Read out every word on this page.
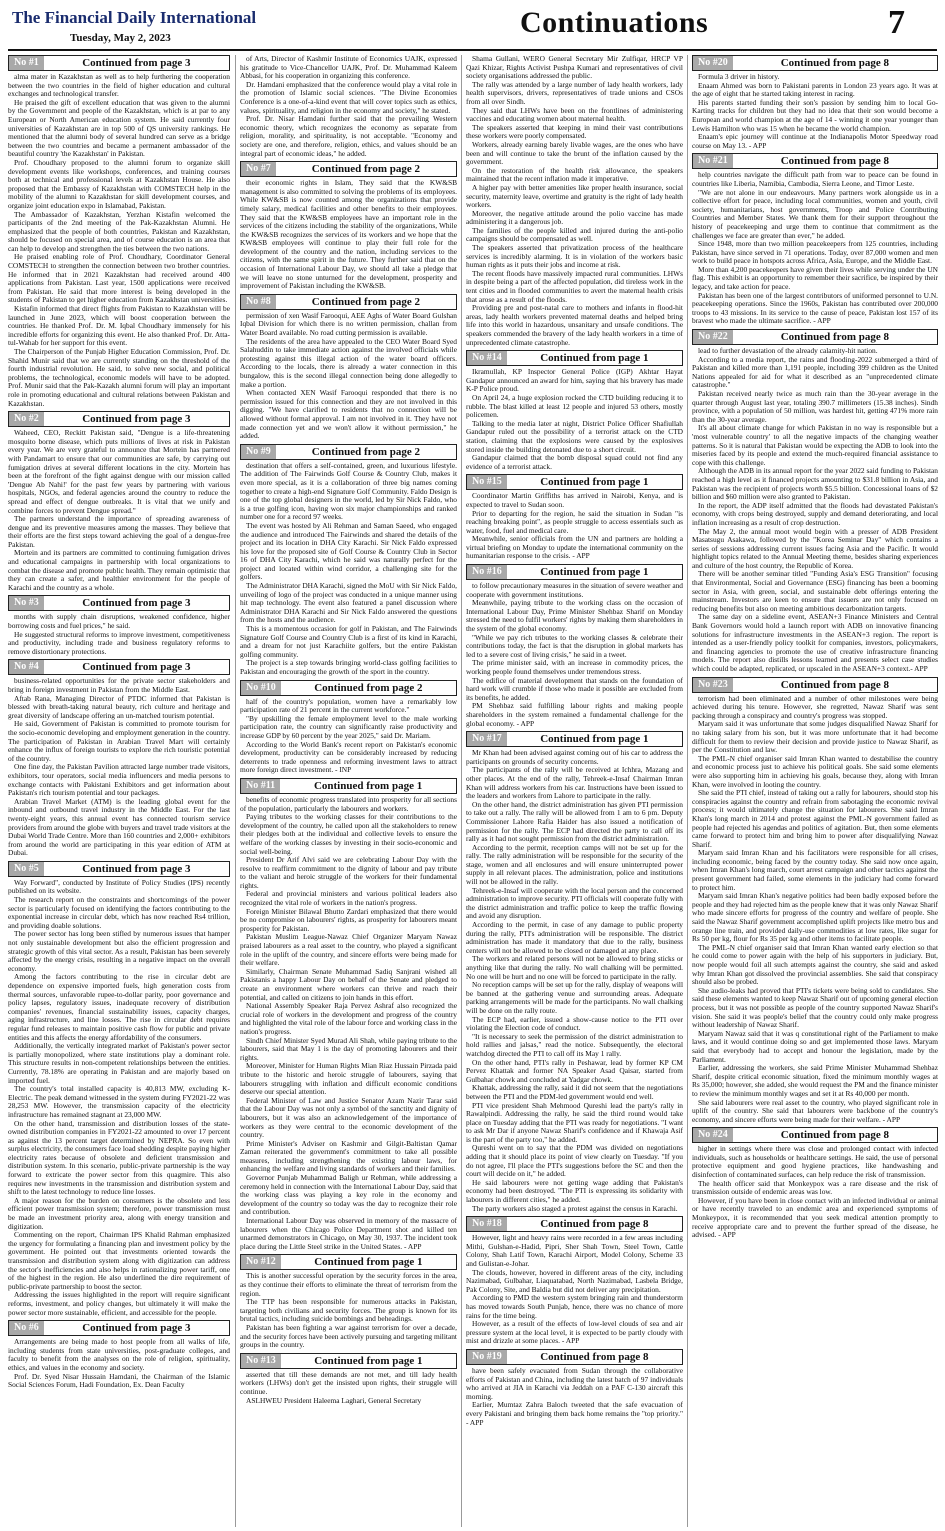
The Financial Daily International
Tuesday, May 2, 2023	Continuations	7
No #1	Continued from page 3

alma mater in Kazakhstan as well as to help furthering the cooperation between the two countries in the field of higher education and cultural exchanges and technological transfer.

He praised the gift of excellent education that was given to the alumni by the Government and people of the Kazakhstan, which is at par to any European or North American education system. He said currently four universities of Kazakhstan are in top 500 of QS university rankings. He mentioned that the alumni body of several hundred can serve as a bridge between the two countries and became a permanent ambassador of the beautiful country 'the Kazakhstan' in Pakistan.

Prof. Choudhary proposed to the alumni forum to organize skill development events like workshops, conferences, and training courses both at technical and professional levels at Kazakhstan House. He also proposed that the Embassy of Kazakhstan with COMSTECH help in the mobility of the alumni to Kazakhstan for skill development courses, and organize joint education expo in Islamabad, Pakistan.

The Ambassador of Kazakhstan, Yerzhan Kistafin welcomed the participants of the 2nd meeting of the Pak-Kazakhstan Alumni. He emphasized that the people of both countries, Pakistan and Kazakhstan, should be focused on special area, and of course education is an area that can help to develop and strengthen the ties between the two nations.

He praised enabling role of Prof. Choudhary, Coordinator General COMSTECH to strengthen the connection between two brother countries. He informed that in 2021 Kazakhstan had received around 400 applications from Pakistan. Last year, 1500 applications were received from Pakistan. He said that more interest is being developed in the students of Pakistan to get higher education from Kazakhstan universities.

Kistafin informed that direct flights from Pakistan to Kazakhstan will be launched in June 2023, which will boost cooperation between the countries. He thanked Prof. Dr. M. Iqbal Choudhary immensely for his incredible efforts for organizing this event. He also thanked Prof. Dr. Atta-tul-Wahab for her support for this event.

The Chairperson of the Punjab Higher Education Commission, Prof. Dr. Shahid Munir said that we are currently standing on the threshold of the fourth industrial revolution. He said, to solve new social, and political problems, the technological, economic models will have to be adopted. Prof. Munir said that the Pak-Kazakh alumni forum will play an important role in promoting educational and cultural relations between Pakistan and Kazakhstan.

No #2	Continued from page 3

Waheed, CEO, Reckitt Pakistan said, "Dengue is a life-threatening mosquito borne disease, which puts millions of lives at risk in Pakistan every year. We are very grateful to announce that Mortein has partnered with Pandamart to ensure that our communities are safe, by carrying out fumigation drives at several different locations in the city. Mortein has been at the forefront of the fight against dengue with our mission called 'Dengue Ab Nahi!' for the past few years by partnering with various hospitals, NGOs, and federal agencies around the country to reduce the spread and effect of dengue outbreaks. It is vital that we unify and combine forces to prevent Dengue spread."

The partners understand the importance of spreading awareness of dengue and its preventive measures among the masses. They believe that their efforts are the first steps toward achieving the goal of a dengue-free Pakistan.

Mortein and its partners are committed to continuing fumigation drives and educational campaigns in partnership with local organizations to combat the disease and promote public health. They remain optimistic that they can create a safer, and healthier environment for the people of Karachi and the country as a whole.

No #3	Continued from page 3

months with supply chain disruptions, weakened confidence, higher borrowing costs and fuel prices," he said.

He suggested structural reforms to improve investment, competitiveness and productivity, including trade and business regulatory reforms to remove distortionary protections.

No #4	Continued from page 3

business-related opportunities for the private sector stakeholders and bring in foreign investment in Pakistan from the Middle East.

Aftab Rana, Managing Director of PTDC informed that Pakistan is blessed with breath-taking natural beauty, rich culture and heritage and great diversity of landscape offering an un-matched tourism potential.

He said, Government of Pakistan is committed to promote tourism for the socio-economic developing and employment generation in the country. The participation of Pakistan in Arabian Travel Mart will certainly enhance the influx of foreign tourists to explore the rich touristic potential of the country.

One fine day, the Pakistan Pavilion attracted large number trade visitors, exhibitors, tour operators, social media influencers and media persons to exchange contacts with Pakistani Exhibitors and get information about Pakistan's rich tourism potential and tour packages.

Arabian Travel Market (ATM) is the leading global event for the inbound and outbound travel industry in the Middle East. For the last twenty-eight years, this annual event has connected tourism service providers from around the globe with buyers and travel trade visitors at the Dubai World Trade Centre. More than 160 countries and 2,000+ exhibitors from around the world are participating in this year edition of ATM at Dubai.

No #5	Continued from page 3

Way Forward", conducted by Institute of Policy Studies (IPS) recently published on its website.

The research report on the constraints and shortcomings of the power sector is particularly focused on identifying the factors contributing to the exponential increase in circular debt, which has now reached Rs4 trillion, and providing doable solutions.

The power sector has long been stifled by numerous issues that hamper not only sustainable development but also the efficient progression and strategic growth of this vital sector. As a result, Pakistan has been severely affected by the energy crisis, resulting in a negative impact on the overall economy.

Among the factors contributing to the rise in circular debt are dependence on expensive imported fuels, high generation costs from thermal sources, unfavorable rupee-to-dollar parity, poor governance and policy lapses, regulatory issues, inadequate recovery of distribution companies' revenues, financial sustainability issues, capacity charges, aging infrastructure, and line losses. The rise in circular debt requires regular fund releases to maintain positive cash flow for public and private entities and this affects the energy affordability of the consumers.

Additionally, the vertically integrated market of Pakistan's power sector is partially monopolized, where state institutions play a dominant role. This structure results in non-competent relationships between the entities. Currently, 78.18% are operating in Pakistan and are majorly based on imported fuel.

The country's total installed capacity is 40,813 MW, excluding K-Electric. The peak demand witnessed in the system during FY2021-22 was 28,253 MW. However, the transmission capacity of the electricity infrastructure has remained stagnant at 23,000 MW.

On the other hand, transmission and distribution losses of the state-owned distribution companies in FY2021-22 amounted to over 17 percent as against the 13 percent target determined by NEPRA. So even with surplus electricity, the consumers face load shedding despite paying higher electricity rates because of obsolete and deficient transmission and distribution system. In this scenario, public-private partnership is the way forward to extricate the power sector from this quagmire. This also requires new investments in the transmission and distribution system and shift to the latest technology to reduce line losses.

A major reason for the burden on consumers is the obsolete and less efficient power transmission system; therefore, power transmission must be made an investment priority area, along with energy transition and digitization.

Commenting on the report, Chairman IPS Khalid Rahman emphasized the urgency for formulating a financing plan and investment policy by the government. He pointed out that investments oriented towards the transmission and distribution system along with digitization can address the sector's inefficiencies and also helps in rationalizing power tariff, one of the highest in the region. He also underlined the dire requirement of public-private partnership to boost the sector.

Addressing the issues highlighted in the report will require significant reforms, investment, and policy changes, but ultimately it will make the power sector more sustainable, efficient, and accessible for the people.

No #6	Continued from page 3

Arrangements are being made to host people from all walks of life, including students from state universities, post-graduate colleges, and faculty to benefit from the analyses on the role of religion, spirituality, ethics, and values in the economy and society.

Prof. Dr. Syed Nisar Hussain Hamdani, the Chairman of the Islamic Social Sciences Forum, Hadi Foundation, Ex. Dean Faculty

of Arts, Director of Kashmir Institute of Economics UAJK, expressed his gratitude to Vice-Chancellor UAJK, Prof. Dr. Muhammad Kaleem Abbasi, for his cooperation in organizing this conference.

Dr. Hamdani emphasized that the conference would play a vital role in the promotion of Islamic social sciences. "The Divine Economies Conference is a one-of-a-kind event that will cover topics such as ethics, values, spirituality, and religion in the economy and society," he stated.

Prof. Dr. Nisar Hamdani further said that the prevailing Western economic theory, which recognizes the economy as separate from religion, morality, and spirituality, is not acceptable. "Economy and society are one, and therefore, religion, ethics, and values should be an integral part of economic ideas," he added.

No #7	Continued from page 2

their economic rights in Islam, They said that the KW&SB management is also committed to solving the problems of its employees. While KW&SB is now counted among the organizations that provide timely salary, medical facilities and other benefits to their employees. They said that the KW&SB employees have an important role in the services of the citizens including the stability of the organizations, While the KW&SB recognizes the services of its workers and we hope that the KW&SB employees will continue to play their full role for the development of the country and the nation, including services to the citizens, with the same spirit in the future. They further said that on the occasion of International Labour Day, we should all take a pledge that we will leave no stone unturned for the development, prosperity and improvement of Pakistan including the KW&SB.

No #8	Continued from page 2

permission of xen Wasif Farooqui, AEE Aghs of Water Board Gulshan Iqbal Division for which there is no written permission, challan from Water Board available. No road cutting permission is available.

The residents of the area have appealed to the CEO Water Board Syed Salahuddin to take immediate action against the involved officials while protesting against this illegal action of the water board officers. According to the locals, there is already a water connection in this bungalow, this is the second illegal connection being done allegedly to make a portion.

When contacted XEN Wasif Farooqui responded that there is no permission issued for this connection and they are not involved in this digging. "We have clarified to residents that no connection will be allowed without formal approval. I am not involved in it. They have not made connection yet and we won't allow it without permission," he added.

No #9	Continued from page 2

destination that offers a self-contained, green, and luxurious lifestyle. The addition of The Fairwinds Golf Course & Country Club, makes it even more special, as it is a collaboration of three big names coming together to create a high-end Signature Golf Community. Faldo Design is one of the top global designers in the world, led by Sir Nick Faldo, who is a true golfing icon, having won six major championships and ranked number one for a record 97 weeks.

The event was hosted by Ali Rehman and Saman Saeed, who engaged the audience and introduced The Fairwinds and shared the details of the project and its location in DHA City Karachi. Sir Nick Faldo expressed his love for the proposed site of Golf Course & Country Club in Sector 16 of DHA City Karachi, which he said was naturally perfect for the project and located within wind corridor, a challenging site for the golfers.

The Administrator DHA Karachi, signed the MoU with Sir Nick Faldo, unveiling of logo of the project was conducted in a unique manner using hit map technology. The event also featured a panel discussion where Administrator DHA Karachi and Sir Nick Faldo answered the questions from the hosts and the audience.

This is a momentous occasion for golf in Pakistan, and The Fairwinds Signature Golf Course and Country Club is a first of its kind in Karachi, and a dream for not just Karachiite golfers, but the entire Pakistan golfing community.

The project is a step towards bringing world-class golfing facilities to Pakistan and encouraging the growth of the sport in the country.

No #10	Continued from page 2

half of the country's population, women have a remarkably low participation rate of 21 percent in the current workforce."

"By upskilling the female employment level to the male working participation rate, the country can significantly raise productivity and increase GDP by 60 percent by the year 2025," said Dr. Mariam.

According to the World Bank's recent report on Pakistan's economic development, productivity can be considerably increased by reducing deterrents to trade openness and reforming investment laws to attract more foreign direct investment. - INP

No #11	Continued from page 1

benefits of economic progress translated into prosperity for all sections of the population, particularly the labourers and workers.

Paying tributes to the working classes for their contributions to the development of the country, he called upon all the stakeholders to renew their pledges both at the individual and collective levels to ensure the welfare of the working classes by investing in their socio-economic and social well-being.

President Dr Arif Alvi said we are celebrating Labour Day with the resolve to reaffirm commitment to the dignity of labour and pay tribute to the valiant and heroic struggle of the workers for their fundamental rights.

Federal and provincial ministers and various political leaders also recognized the vital role of workers in the nation's progress.

Foreign Minister Bilawal Bhutto Zardari emphasized that there would be no compromise on labourers' rights, as prosperity for labourers meant prosperity for Pakistan.

Pakistan Muslim League-Nawaz Chief Organizer Maryam Nawaz praised labourers as a real asset to the country, who played a significant role in the uplift of the country, and sincere efforts were being made for their welfare.

Similarly, Chairman Senate Muhammad Sadiq Sanjrani wished all Pakistanis a happy Labour Day on behalf of the Senate and pledged to create an environment where workers can thrive and reach their potential, and called on citizens to join hands in this effort.

National Assembly Speaker Raja Pervez Ashraf also recognized the crucial role of workers in the development and progress of the country and highlighted the vital role of the labour force and working class in the nation's progress.

Sindh Chief Minister Syed Murad Ali Shah, while paying tribute to the labourers, said that May 1 is the day of promoting labourers and their rights.

Moreover, Minister for Human Rights Mian Riaz Hussain Pirzada paid tribute to the historic and heroic struggle of labourers, saying that labourers struggling with inflation and difficult economic conditions deserve our special attention.

Federal Minister of Law and Justice Senator Azam Nazir Tarar said that the Labour Day was not only a symbol of the sanctity and dignity of labourers, but it was also an acknowledgement of the importance of workers as they were central to the economic development of the country.

Prime Minister's Adviser on Kashmir and Gilgit-Baltistan Qamar Zaman reiterated the government's commitment to take all possible measures, including strengthening the existing labour laws, for enhancing the welfare and living standards of workers and their families.

Governor Punjab Muhammad Baligh ur Rehman, while addressing a ceremony held in connection with the International Labour Day, said that the working class was playing a key role in the economy and development of the country so today was the day to recognize their role and contribution.

International Labour Day was observed in memory of the massacre of labourers when the Chicago Police Department shot and killed ten unarmed demonstrators in Chicago, on May 30, 1937. The incident took place during the Little Steel strike in the United States. - APP

No #12	Continued from page 1

This is another successful operation by the security forces in the area, as they continue their efforts to eliminate the threat of terrorism from the region.

The TTP has been responsible for numerous attacks in Pakistan, targeting both civilians and security forces. The group is known for its brutal tactics, including suicide bombings and beheadings.

Pakistan has been fighting a war against terrorism for over a decade, and the security forces have been actively pursuing and targeting militant groups in the country.

No #13	Continued from page 1

asserted that till these demands are not met, and till lady health workers (LHWs) don't get the insisted upon rights, their struggle will continue.

ASLHWEU President Haleema Laghari, General Secretary

Shama Gullani, WERO General Secretary Mir Zulfiqar, HRCP VP Qazi Khizar, Rights Activist Pushpa Kumari and representatives of civil society organisations addressed the public.

The rally was attended by a large number of lady health workers, lady health supervisors, drivers, representatives of trade unions and CSOs from all over Sindh.

They said that LHWs have been on the frontlines of administering vaccines and educating women about maternal health.

The speakers asserted that keeping in mind their vast contributions these workers were poorly compensated.

Workers, already earning barely livable wages, are the ones who have been and will continue to take the brunt of the inflation caused by the government.

On the restoration of the health risk allowance, the speakers maintained that the recent inflation made it imperative.

A higher pay with better amenities like proper health insurance, social security, maternity leave, overtime and gratuity is the right of lady health workers.

Moreover, the negative attitude around the polio vaccine has made administering it a dangerous job.

The families of the people killed and injured during the anti-polio campaigns should be compensated as well.

The speakers asserted that privatization process of the healthcare services is incredibly alarming. It is in violation of the workers basic human rights as it puts their jobs and income at risk.

The recent floods have massively impacted rural communities. LHWs in despite being a part of the affected population, did tireless work in the tent cities and in flooded communities to avert the maternal health crisis that arose as a result of the floods.

Providing pre and post-natal care to mothers and infants in flood-hit areas, lady health workers prevented maternal deaths and helped bring life into this world in hazardous, unsanitary and unsafe conditions. The speakers commended the bravery of the lady health workers in a time of unprecedented climate catastrophe.

No #14	Continued from page 1

Ikramullah, KP Inspector General Police (IGP) Akhtar Hayat Gandapur announced an award for him, saying that his bravery has made K-P Police proud.

On April 24, a huge explosion rocked the CTD building reducing it to rubble. The blast killed at least 12 people and injured 53 others, mostly policemen.

Talking to the media later at night, District Police Officer Shafiullah Gandapur ruled out the possibility of a terrorist attack on the CTD station, claiming that the explosions were caused by the explosives stored inside the building detonated due to a short circuit.

Gandapur claimed that the bomb disposal squad could not find any evidence of a terrorist attack.

No #15	Continued from page 1

Coordinator Martin Griffiths has arrived in Nairobi, Kenya, and is expected to travel to Sudan soon.

Prior to departing for the region, he said the situation in Sudan "is reaching breaking point", as people struggle to access essentials such as water, food, fuel and medical care.

Meanwhile, senior officials from the UN and partners are holding a virtual briefing on Monday to update the international community on the humanitarian response to the crisis. - APP

No #16	Continued from page 1

to follow precautionary measures in the situation of severe weather and cooperate with government institutions.

Meanwhile, paying tribute to the working class on the occasion of International Labour Day, Prime Minister Shehbaz Sharif on Monday stressed the need to fulfil workers' rights by making them shareholders in the system of the global economy.

"While we pay rich tributes to the working classes & celebrate their contributions today, the fact is that the disruption in global markets has led to a severe cost of living crisis," he said in a tweet.

The prime minister said, with an increase in commodity prices, the working people found themselves under tremendous stress.

The edifice of material development that stands on the foundation of hard work will crumble if those who made it possible are excluded from its benefits, he added.

PM Shehbaz said fulfilling labour rights and making people shareholders in the system remained a fundamental challenge for the global economy. - APP

No #17	Continued from page 1

Mr Khan had been advised against coming out of his car to address the participants on grounds of security concerns.

The participants of the rally will be received at Ichhra, Mazang and other places. At the end of the rally, Tehreek-e-Insaf Chairman Imran Khan will address workers from his car. Instructions have been issued to the leaders and workers from Lahore to participate in the rally.

On the other hand, the district administration has given PTI permission to take out a rally. The rally will be allowed from 1 am to 6 pm. Deputy Commissioner Lahore Rafia Haider has also issued a notification of permission for the rally. The ECP had directed the party to call off its rally as it had not sought permission from the district administration.

According to the permit, reception camps will not be set up for the rally. The rally administration will be responsible for the security of the stage, women and all enclosures and will ensure uninterrupted power supply in all relevant places. The administration, police and institutions will not be allowed in the rally.

Tehreek-e-Insaf will cooperate with the local person and the concerned administration to improve security. PTI officials will cooperate fully with the district administration and traffic police to keep the traffic flowing and avoid any disruption.

According to the permit, in case of any damage to public property during the rally, PTI's administration will be responsible. The district administration has made it mandatory that due to the rally, business centers will not be allowed to be closed or damaged at any place.

The workers and related persons will not be allowed to bring sticks or anything like that during the rally. No wall chalking will be permitted. No one will be hurt and no one will be forced to participate in the rally.

No reception camps will be set up for the rally, display of weapons will be banned at the gathering venue and surrounding areas. Adequate parking arrangements will be made for the participants. No wall chalking will be done on the rally route.

The ECP had, earlier, issued a show-cause notice to the PTI over violating the Election code of conduct.

"It is necessary to seek the permission of the district administration to hold rallies and jalsas," read the notice. Subsequently, the electoral watchdog directed the PTI to call off its May 1 rally.

On the other hand, PTI's rally in Peshawar, lead by former KP CM Pervez Khattak and former NA Speaker Asad Qaisar, started from Gulbahar chowk and concluded at Yadgar chowk.

Khattak, addressing the rally, said it did not seem that the negotiations between the PTI and the PDM-led government would end well.

PTI vice president Shah Mehmood Qureshi lead the party's rally in Rawalpindi. Addressing the rally, he said the third round would take place on Tuesday adding that the PTI was ready for negotiations. "I want to ask Mr Dar if anyone Nawaz Sharif's confidence and if Khawaja Asif is the part of the party too," he added.

Qureshi went on to say that the PDM was divided on negotiations adding that it should place its point of view clearly on Tuesday. "If you do not agree, I'll place the PTI's suggestions before the SC and then the court will decide on it," he added.

He said labourers were not getting wage adding that Pakistan's economy had been destroyed. "The PTI is expressing its solidarity with labourers in different cities," he added.

The party workers also staged a protest against the census in Karachi.

No #18	Continued from page 8

However, light and heavy rains were recorded in a few areas including Mithi, Gulshan-e-Hadid, Pipri, Sher Shah Town, Steel Town, Cattle Colony, Shah Latif Town, Karachi Airport, Model Colony, Scheme 33 and Gulistan-e-Johar.

The clouds, however, hovered in different areas of the city, including Nazimabad, Gulbahar, Liaquatabad, North Nazimabad, Lasbela Bridge, Pak Colony, Site, and Baldia but did not deliver any precipitation.

According to PMD the western system bringing rain and thunderstorm has moved towards South Punjab, hence, there was no chance of more rains for the time being.

However, as a result of the effects of low-level clouds of sea and air pressure system at the local level, it is expected to be partly cloudy with mist and drizzle at some places. - APP

No #19	Continued from page 8

have been safely evacuated from Sudan through the collaborative efforts of Pakistan and China, including the latest batch of 97 individuals who arrived at JIA in Karachi via Jeddah on a PAF C-130 aircraft this morning.

Earlier, Mumtaz Zahra Baloch tweeted that the safe evacuation of every Pakistani and bringing them back home remains the "top priority." - APP

No #20	Continued from page 8

Formula 3 driver in history.

Enaam Ahmed was born to Pakistani parents in London 23 years ago. It was at the age of eight that he started taking interest in racing.

His parents started funding their son's passion by sending him to local Go-Karting tracks for children but they had no idea that their son would become a European and world champion at the age of 14 - winning it one year younger than Lewis Hamilton who was 15 when he became the world champion.

Enaam's epic journey will continue at the Indianapolis Motor Speedway road course on May 13. - APP

No #21	Continued from page 8

help countries navigate the difficult path from war to peace can be found in countries like Liberia, Namibia, Cambodia, Sierra Leone, and Timor Leste.

"We are not alone in our endeavours. Many partners work alongside us in a collective effort for peace, including local communities, women and youth, civil society, humanitarians, host governments, Troop and Police Contributing Countries and Member States. We thank them for their support throughout the history of peacekeeping and urge them to continue that commitment as the challenges we face are greater than ever," he added.

Since 1948, more than two million peacekeepers from 125 countries, including Pakistan, have since served in 71 operations. Today, over 87,000 women and men work to build peace in hotspots across Africa, Asia, Europe, and the Middle East.

More than 4,200 peacekeepers have given their lives while serving under the UN flag. This exhibit is an opportunity to remember their sacrifice, be inspired by their legacy, and take action for peace.

Pakistan has been one of the largest contributors of uniformed personnel to U.N. peacekeeping operations. Since the 1960s, Pakistan has contributed over 200,000 troops to 43 missions. In its service to the cause of peace, Pakistan lost 157 of its bravest who made the ultimate sacrifice. - APP

No #22	Continued from page 8

lead to further devastation of the already calamity-hit nation.

According to a media report, the rains and flooding-2022 submerged a third of Pakistan and killed more than 1,191 people, including 399 children as the United Nations appealed for aid for what it described as an "unprecedented climate catastrophe."

Pakistan received nearly twice as much rain than the 30-year average in the quarter through August last year, totaling 390.7 millimeters (15.38 inches). Sindh province, with a population of 50 million, was hardest hit, getting 471% more rain than the 30-year average.

It's all about climate change for which Pakistan in no way is responsible but a 'most vulnerable country' to all the negative impacts of the changing weather patterns. So it is natural that Pakistan would be expecting the ADB to look into the miseries faced by its people and extend the much-required financial assistance to cope with this challenge.

Although the ADB in its annual report for the year 2022 said funding to Pakistan reached a high level as it financed projects amounting to $31.8 billion in Asia, and Pakistan was the recipient of projects worth $5.5 billion. Concessional loans of $2 billion and $60 million were also granted to Pakistan.

In the report, the ADP itself admitted that the floods had devastated Pakistan's economy, with crops being destroyed, supply and demand deteriorating, and local inflation increasing as a result of crop destruction.

The May 2, the annual moot would begin with a presser of ADB President Masatsugu Asakawa, followed by the "Korea Seminar Day" which contains a series of sessions addressing current issues facing Asia and the Pacific. It would highlight topics related to the Annual Meeting theme, besides sharing experiences and culture of the host country, the Republic of Korea.

There will be another seminar titled "Funding Asia's ESG Transition" focusing that Environmental, Social and Governance (ESG) financing has been a booming sector in Asia, with green, social, and sustainable debt offerings entering the mainstream. Investors are keen to ensure that issuers are not only focused on reducing benefits but also on meeting ambitious decarbonization targets.

The same day on a sideline event, ASEAN+3 Finance Ministers and Central Bank Governors would hold a launch report with ADB on innovative financing solutions for infrastructure investments in the ASEAN+3 region. The report is intended as a user-friendly policy toolkit for companies, investors, policymakers, and financing agencies to promote the use of creative infrastructure financing models. The report also distills lessons learned and presents select case studies which could be adapted, replicated, or upscaled in the ASEAN+3 context.- APP

No #23	Continued from page 8

terrorism had been eliminated and a number of other milestones were being achieved during his tenure. However, she regretted, Nawaz Sharif was sent packing through a conspiracy and country's progress was stopped.

Maryam said it was unfortunate that some judges disqualified Nawaz Sharif for no taking salary from his son, but it was more unfortunate that it had become difficult for them to review their decision and provide justice to Nawaz Sharif, as per the Constitution and law.

The PML-N chief organiser said Imran Khan wanted to destabilise the country and economic process just to achieve his political goals. She said some elements were also supporting him in achieving his goals, because they, along with Imran Khan, were involved in looting the country.

She said the PTI chief, instead of taking out a rally for labourers, should stop his conspiracies against the country and refrain from sabotaging the economic revival process; it would ultimately change the situation for labourers. She said Imran Khan's long march in 2014 and protest against the PML-N government failed as people had rejected his agendas and politics of agitation. But, then some elements came forward to protect him and bring him to power after disqualifying Nawaz Sharif.

Maryam said Imran Khan and his facilitators were responsible for all crises, including economic, being faced by the country today. She said now once again, when Imran Khan's long march, court arrest campaign and other tactics against the present government had failed, some elements in the judiciary had come forward to protect him.

Maryam said Imran Khan's negative politics had been badly exposed before the people and they had rejected him as the people knew that it was only Nawaz Sharif who made sincere efforts for progress of the country and welfare of people. She said the Nawaz Sharif government accomplished uplift projects like metro bus and orange line train, and provided daily-use commodities at low rates, like sugar for Rs 50 per kg, flour for Rs 35 per kg and other items to facilitate people.

The PML-N chief organiser said that Imran Khan wanted early election so that he could come to power again with the help of his supporters in judiciary. But, now people would foil all such attempts against the country, she said and asked why Imran Khan got dissolved the provincial assemblies. She said that conspiracy should also be probed.

She audio-leaks had proved that PTI's tickets were being sold to candidates. She said these elements wanted to keep Nawaz Sharif out of upcoming general election process, but it was not possible as people of the country supported Nawaz Sharif's vision. She said it was people's belief that the country could only make progress without leadership of Nawaz Sharif.

Maryam Nawaz said that it was q constitutional right of the Parliament to make laws, and it would continue doing so and get implemented those laws. Maryam said that everybody had to accept and honour the legislation, made by the Parliament.

Earlier, addressing the workers, she said Prime Minister Muhammad Shehbaz Sharif, despite critical economic situation, fixed the minimum monthly wages at Rs 35,000; however, she added, she would request the PM and the finance minister to review the minimum monthly wages and set it at Rs 40,000 per month.

She said labourers were real asset to the country, who played significant role in uplift of the country. She said that labourers were backbone of the country's economy, and sincere efforts were being made for their welfare. - APP

No #24	Continued from page 8

higher in settings where there was close and prolonged contact with infected individuals, such as households or healthcare settings. He said, the use of personal protective equipment and good hygiene practices, like handwashing and disinfection of contaminated surfaces, can help reduce the risk of transmission.

The health officer said that Monkeypox was a rare disease and the risk of transmission outside of endemic areas was low.

However, if you have been in close contact with an infected individual or animal or have recently traveled to an endemic area and experienced symptoms of Monkeypox, it is recommended that you seek medical attention promptly to receive appropriate care and to prevent the further spread of the disease, he advised. - APP
